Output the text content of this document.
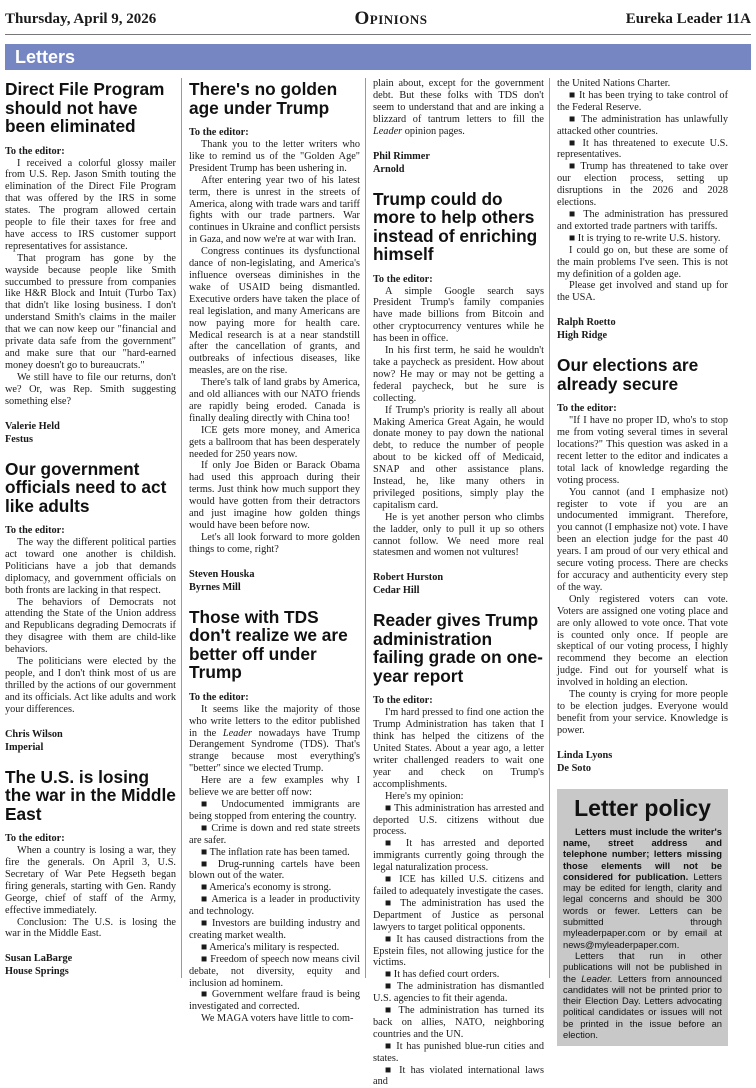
Thursday, April 9, 2026	Opinions	Eureka Leader 11A
Letters
Direct File Program should not have been eliminated
To the editor:

I received a colorful glossy mailer from U.S. Rep. Jason Smith touting the elimination of the Direct File Program that was offered by the IRS in some states. The program allowed certain people to file their taxes for free and have access to IRS customer support representatives for assistance.

That program has gone by the wayside because people like Smith succumbed to pressure from companies like H&R Block and Intuit (Turbo Tax) that didn't like losing business. I don't understand Smith's claims in the mailer that we can now keep our "financial and private data safe from the government" and make sure that our "hard-earned money doesn't go to bureaucrats."

We still have to file our returns, don't we? Or, was Rep. Smith suggesting something else?

Valerie Held
Festus
Our government officials need to act like adults
To the editor:

The way the different political parties act toward one another is childish. Politicians have a job that demands diplomacy, and government officials on both fronts are lacking in that respect.

The behaviors of Democrats not attending the State of the Union address and Republicans degrading Democrats if they disagree with them are child-like behaviors.

The politicians were elected by the people, and I don't think most of us are thrilled by the actions of our government and its officials. Act like adults and work your differences.

Chris Wilson
Imperial
The U.S. is losing the war in the Middle East
To the editor:

When a country is losing a war, they fire the generals. On April 3, U.S. Secretary of War Pete Hegseth began firing generals, starting with Gen. Randy George, chief of staff of the Army, effective immediately.

Conclusion: The U.S. is losing the war in the Middle East.

Susan LaBarge
House Springs
There's no golden age under Trump
To the editor:

Thank you to the letter writers who like to remind us of the "Golden Age" President Trump has been ushering in.

After entering year two of his latest term, there is unrest in the streets of America, along with trade wars and tariff fights with our trade partners. War continues in Ukraine and conflict persists in Gaza, and now we're at war with Iran.

Congress continues its dysfunctional dance of non-legislating, and America's influence overseas diminishes in the wake of USAID being dismantled. Executive orders have taken the place of real legislation, and many Americans are now paying more for health care. Medical research is at a near standstill after the cancellation of grants, and outbreaks of infectious diseases, like measles, are on the rise.

There's talk of land grabs by America, and old alliances with our NATO friends are rapidly being eroded. Canada is finally dealing directly with China too!

ICE gets more money, and America gets a ballroom that has been desperately needed for 250 years now.

If only Joe Biden or Barack Obama had used this approach during their terms. Just think how much support they would have gotten from their detractors and just imagine how golden things would have been before now.

Let's all look forward to more golden things to come, right?

Steven Houska
Byrnes Mill
Those with TDS don't realize we are better off under Trump
To the editor:

It seems like the majority of those who write letters to the editor published in the Leader nowadays have Trump Derangement Syndrome (TDS). That's strange because most everything's "better" since we elected Trump.

Here are a few examples why I believe we are better off now:

■ Undocumented immigrants are being stopped from entering the country.

■ Crime is down and red state streets are safer.

■ The inflation rate has been tamed.

■ Drug-running cartels have been blown out of the water.

■ America's economy is strong.

■ America is a leader in productivity and technology.

■ Investors are building industry and creating market wealth.

■ America's military is respected.

■ Freedom of speech now means civil debate, not diversity, equity and inclusion ad hominem.

■ Government welfare fraud is being investigated and corrected.

We MAGA voters have little to com-

plain about, except for the government debt. But these folks with TDS don't seem to understand that and are inking a blizzard of tantrum letters to fill the Leader opinion pages.

Phil Rimmer
Arnold
Trump could do more to help others instead of enriching himself
To the editor:

A simple Google search says President Trump's family companies have made billions from Bitcoin and other cryptocurrency ventures while he has been in office.

In his first term, he said he wouldn't take a paycheck as president. How about now? He may or may not be getting a federal paycheck, but he sure is collecting.

If Trump's priority is really all about Making America Great Again, he would donate money to pay down the national debt, to reduce the number of people about to be kicked off of Medicaid, SNAP and other assistance plans. Instead, he, like many others in privileged positions, simply play the capitalism card.

He is yet another person who climbs the ladder, only to pull it up so others cannot follow. We need more real statesmen and women not vultures!

Robert Hurston
Cedar Hill
Reader gives Trump administration failing grade on one-year report
To the editor:

I'm hard pressed to find one action the Trump Administration has taken that I think has helped the citizens of the United States. About a year ago, a letter writer challenged readers to wait one year and check on Trump's accomplishments.

Here's my opinion:

■ This administration has arrested and deported U.S. citizens without due process.

■ It has arrested and deported immigrants currently going through the legal naturalization process.

■ ICE has killed U.S. citizens and failed to adequately investigate the cases.

■ The administration has used the Department of Justice as personal lawyers to target political opponents.

■ It has caused distractions from the Epstein files, not allowing justice for the victims.

■ It has defied court orders.

■ The administration has dismantled U.S. agencies to fit their agenda.

■ The administration has turned its back on allies, NATO, neighboring countries and the UN.

■ It has punished blue-run cities and states.

■ It has violated international laws and

the United Nations Charter.

■ It has been trying to take control of the Federal Reserve.

■ The administration has unlawfully attacked other countries.

■ It has threatened to execute U.S. representatives.

■ Trump has threatened to take over our election process, setting up disruptions in the 2026 and 2028 elections.

■ The administration has pressured and extorted trade partners with tariffs.

■ It is trying to re-write U.S. history.

I could go on, but these are some of the main problems I've seen. This is not my definition of a golden age.

Please get involved and stand up for the USA.

Ralph Roetto
High Ridge
Our elections are already secure
To the editor:

"If I have no proper ID, who's to stop me from voting several times in several locations?" This question was asked in a recent letter to the editor and indicates a total lack of knowledge regarding the voting process.

You cannot (and I emphasize not) register to vote if you are an undocumented immigrant. Therefore, you cannot (I emphasize not) vote. I have been an election judge for the past 40 years. I am proud of our very ethical and secure voting process. There are checks for accuracy and authenticity every step of the way.

Only registered voters can vote. Voters are assigned one voting place and are only allowed to vote once. That vote is counted only once. If people are skeptical of our voting process, I highly recommend they become an election judge. Find out for yourself what is involved in holding an election.

The county is crying for more people to be election judges. Everyone would benefit from your service. Knowledge is power.

Linda Lyons
De Soto
Letter policy

Letters must include the writer's name, street address and telephone number; letters missing those elements will not be considered for publication. Letters may be edited for length, clarity and legal concerns and should be 300 words or fewer. Letters can be submitted through myleaderpaper.com or by email at news@myleaderpaper.com.

Letters that run in other publications will not be published in the Leader. Letters from announced candidates will not be printed prior to their Election Day. Letters advocating political candidates or issues will not be printed in the issue before an election.
